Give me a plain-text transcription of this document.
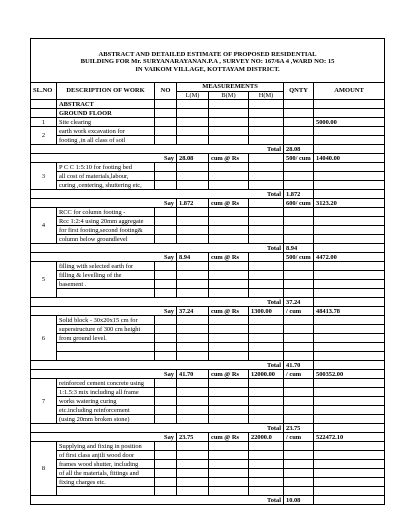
ABSTRACT AND DETAILED ESTIMATE OF PROPOSED RESIDENTIAL
BUILDING FOR Mr. SURYANARAYANAN.P.A , SURVEY NO: 167/6A 4 ,WARD NO: 15
IN VAIKOM VILLAGE, KOTTAYAM DISTRICT.							

SL.NO	DESCRIPTION OF WORK	NO	MEASUREMENTS			QNTY	AMOUNT
			L(M)	B(M)	H(M)		
	ABSTRACT						
	GROUND FLOOR						
1	Site clearing						5000.00
2	earth work excavation for						
	footing ,in all class of soil						
Total						28.08	
Say			28.08	cum @ Rs		500/ cum	14040.00
3	P C C 1:5:10 for footing bed						
	all cost of materials,labour,						
	curing ,centering, shuttering etc,						
Total						1.872	
Say			1.872	cum @ Rs		600/ cum	3123.20
4	RCC for column footing -						
	Rcc 1:2:4 using 20mm aggregate						
	for first footing,second footing&						
	column below groundlevel						
Total						8.94	
Say			8.94	cum @ Rs		500/ cum	4472.00
5	filling with selected earth for						
	filling & levelling of the						
	basement .						

Total						37.24	
Say			37.24	cum @ Rs	1300.00	/ cum	48413.78
6	Solid block - 30x20x15 cm for						
	superstructure of 300 cm height						
	from ground level.						

Total						41.70	
Say			41.70	cum @ Rs	12000.00	/ cum	500352.00
7	reinforced cement concrete using						
	1:1.5:3 mix including all frame						
	works watering curing						
	etc.including reinforcement						
	(using 20mm broken stone)						
Total						23.75	
Say			23.75	cum @ Rs	22000.0	/ cum	522472.10
8	Supplying and fixing in position						
	of first class anjili wood door						
	frames wood shutter, including						
	of all the materials, fittings and						
	fixing charges etc.						

Total						10.08	
